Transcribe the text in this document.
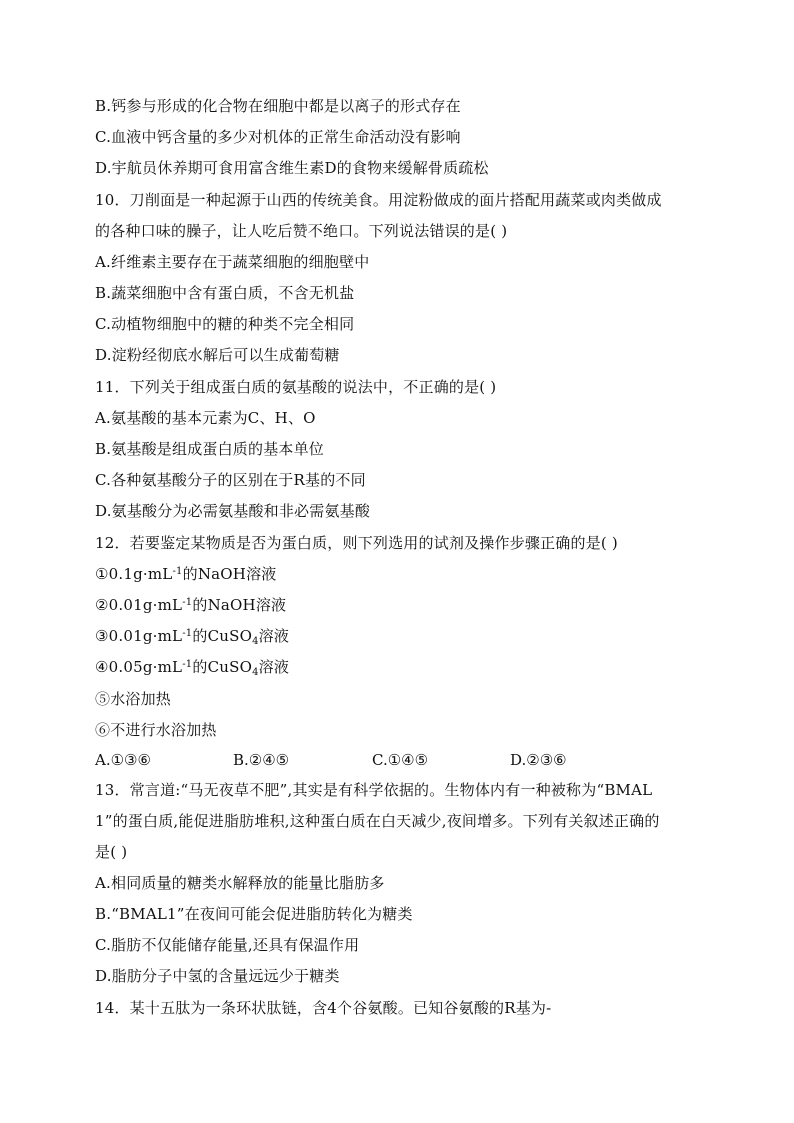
B.钙参与形成的化合物在细胞中都是以离子的形式存在
C.血液中钙含量的多少对机体的正常生命活动没有影响
D.宇航员休养期可食用富含维生素D的食物来缓解骨质疏松
10．刀削面是一种起源于山西的传统美食。用淀粉做成的面片搭配用蔬菜或肉类做成
的各种口味的臊子，让人吃后赞不绝口。下列说法错误的是( )
A.纤维素主要存在于蔬菜细胞的细胞壁中
B.蔬菜细胞中含有蛋白质，不含无机盐
C.动植物细胞中的糖的种类不完全相同
D.淀粉经彻底水解后可以生成葡萄糖
11．下列关于组成蛋白质的氨基酸的说法中，不正确的是( )
A.氨基酸的基本元素为C、H、O
B.氨基酸是组成蛋白质的基本单位
C.各种氨基酸分子的区别在于R基的不同
D.氨基酸分为必需氨基酸和非必需氨基酸
12．若要鉴定某物质是否为蛋白质，则下列选用的试剂及操作步骤正确的是( )
$①0.1g\cdot mL^{-1}$的NaOH溶液
$②0.01g\cdot mL^{-1}$的NaOH溶液
$③0.01g\cdot mL^{-1}$的CuSO$_4$溶液
$④0.05g\cdot mL^{-1}$的CuSO$_4$溶液
⑤水浴加热
⑥不进行水浴加热
A.①③⑥	B.②④⑤	C.①④⑤	D.②③⑥
13．常言道:“马无夜草不肥”,其实是有科学依据的。生物体内有一种被称为“BMAL
1”的蛋白质,能促进脂肪堆积,这种蛋白质在白天减少,夜间增多。下列有关叙述正确的
是( )
A.相同质量的糖类水解释放的能量比脂肪多
B.“BMAL1”在夜间可能会促进脂肪转化为糖类
C.脂肪不仅能储存能量,还具有保温作用
D.脂肪分子中氢的含量远远少于糖类
14．某十五肽为一条环状肽链，含4个谷氨酸。已知谷氨酸的R基为-
